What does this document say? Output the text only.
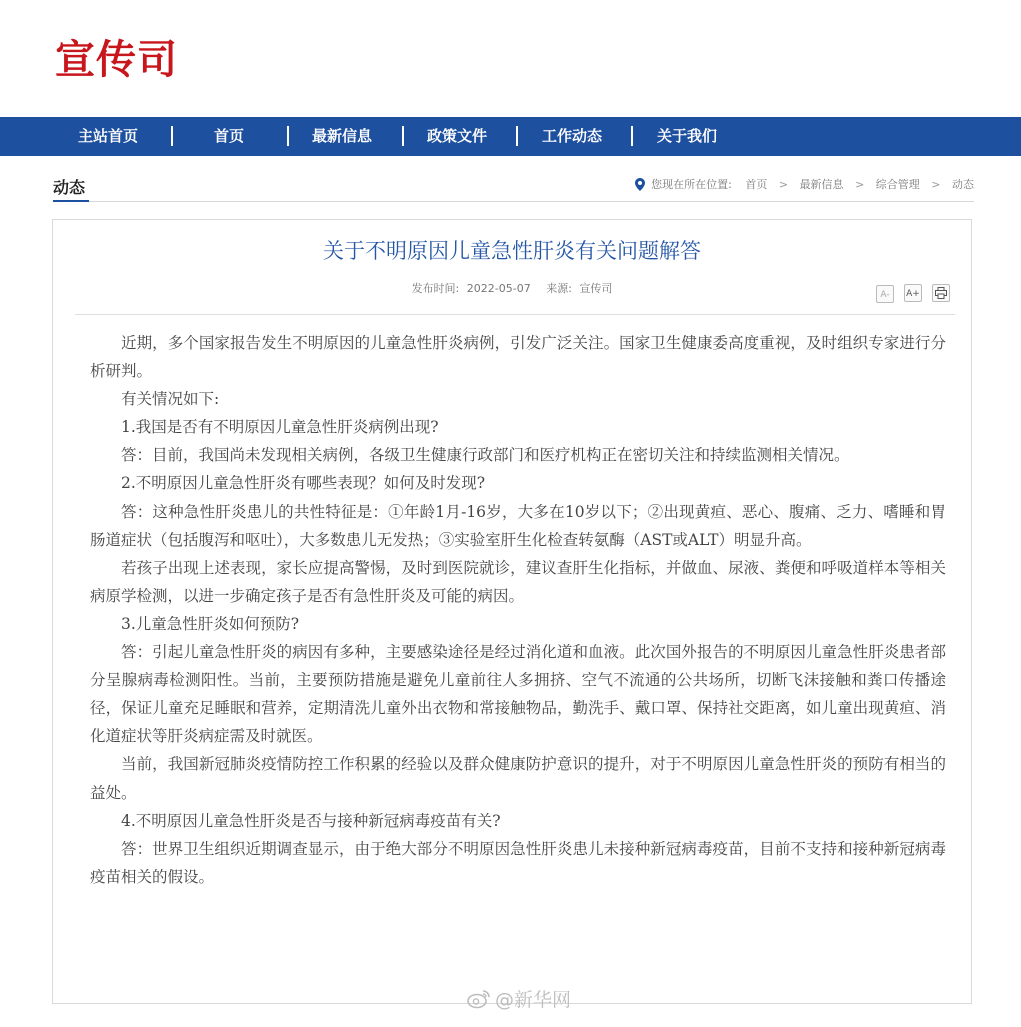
宣传司
主站首页	首页	最新信息	政策文件	工作动态	关于我们
动态	您现在所在位置: 首页 > 最新信息 > 综合管理 > 动态
关于不明原因儿童急性肝炎有关问题解答
发布时间: 2022-05-07 来源: 宣传司	A-	A+

近期，多个国家报告发生不明原因的儿童急性肝炎病例，引发广泛关注。国家卫生健康委高度重视，及时组织专家进行分析研判。

有关情况如下:

1.我国是否有不明原因儿童急性肝炎病例出现?

答：目前，我国尚未发现相关病例，各级卫生健康行政部门和医疗机构正在密切关注和持续监测相关情况。

2.不明原因儿童急性肝炎有哪些表现？如何及时发现?

答：这种急性肝炎患儿的共性特征是：①年龄1月-16岁，大多在10岁以下；②出现黄疸、恶心、腹痛、乏力、嗜睡和胃肠道症状（包括腹泻和呕吐），大多数患儿无发热；③实验室肝生化检查转氨酶（AST或ALT）明显升高。

若孩子出现上述表现，家长应提高警惕，及时到医院就诊，建议查肝生化指标，并做血、尿液、粪便和呼吸道样本等相关病原学检测，以进一步确定孩子是否有急性肝炎及可能的病因。

3.儿童急性肝炎如何预防?

答：引起儿童急性肝炎的病因有多种，主要感染途径是经过消化道和血液。此次国外报告的不明原因儿童急性肝炎患者部分呈腺病毒检测阳性。当前，主要预防措施是避免儿童前往人多拥挤、空气不流通的公共场所，切断飞沫接触和粪口传播途径，保证儿童充足睡眠和营养，定期清洗儿童外出衣物和常接触物品，勤洗手、戴口罩、保持社交距离，如儿童出现黄疸、消化道症状等肝炎病症需及时就医。

当前，我国新冠肺炎疫情防控工作积累的经验以及群众健康防护意识的提升，对于不明原因儿童急性肝炎的预防有相当的益处。

4.不明原因儿童急性肝炎是否与接种新冠病毒疫苗有关?

答：世界卫生组织近期调查显示，由于绝大部分不明原因急性肝炎患儿未接种新冠病毒疫苗，目前不支持和接种新冠病毒疫苗相关的假设。

@新华网
